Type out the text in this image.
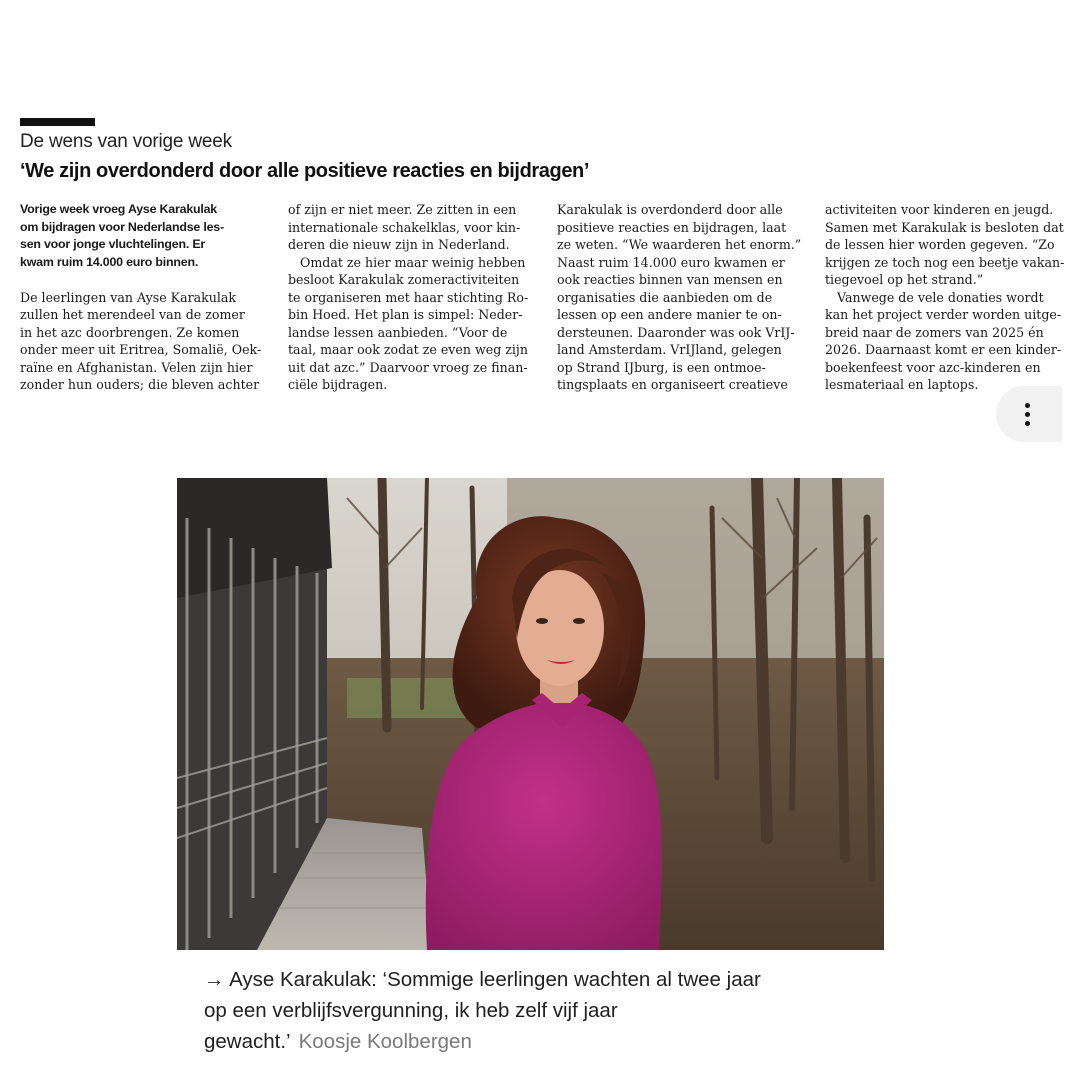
De wens van vorige week
‘We zijn overdonderd door alle positieve reacties en bijdragen’
Vorige week vroeg Ayse Karakulak
om bijdragen voor Nederlandse les-
sen voor jonge vluchtelingen. Er
kwam ruim 14.000 euro binnen.
De leerlingen van Ayse Karakulak
zullen het merendeel van de zomer
in het azc doorbrengen. Ze komen
onder meer uit Eritrea, Somalië, Oek-
raïne en Afghanistan. Velen zijn hier
zonder hun ouders; die bleven achter
of zijn er niet meer. Ze zitten in een
internationale schakelklas, voor kin-
deren die nieuw zijn in Nederland.
Omdat ze hier maar weinig hebben
besloot Karakulak zomeractiviteiten
te organiseren met haar stichting Ro-
bin Hoed. Het plan is simpel: Neder-
landse lessen aanbieden. “Voor de
taal, maar ook zodat ze even weg zijn
uit dat azc.” Daarvoor vroeg ze finan-
ciële bijdragen.
Karakulak is overdonderd door alle
positieve reacties en bijdragen, laat
ze weten. “We waarderen het enorm.”
Naast ruim 14.000 euro kwamen er
ook reacties binnen van mensen en
organisaties die aanbieden om de
lessen op een andere manier te on-
dersteunen. Daaronder was ook VrIJ-
land Amsterdam. VrIJland, gelegen
op Strand IJburg, is een ontmoe-
tingsplaats en organiseert creatieve
activiteiten voor kinderen en jeugd.
Samen met Karakulak is besloten dat
de lessen hier worden gegeven. “Zo
krijgen ze toch nog een beetje vakan-
tiegevoel op het strand.”
Vanwege de vele donaties wordt
kan het project verder worden uitge-
breid naar de zomers van 2025 én
2026. Daarnaast komt er een kinder-
boekenfeest voor azc-kinderen en
lesmateriaal en laptops.
→ Ayse Karakulak: ‘Sommige leerlingen wachten al twee jaar
op een verblijfsvergunning, ik heb zelf vijf jaar
gewacht.’ Koosje Koolbergen
